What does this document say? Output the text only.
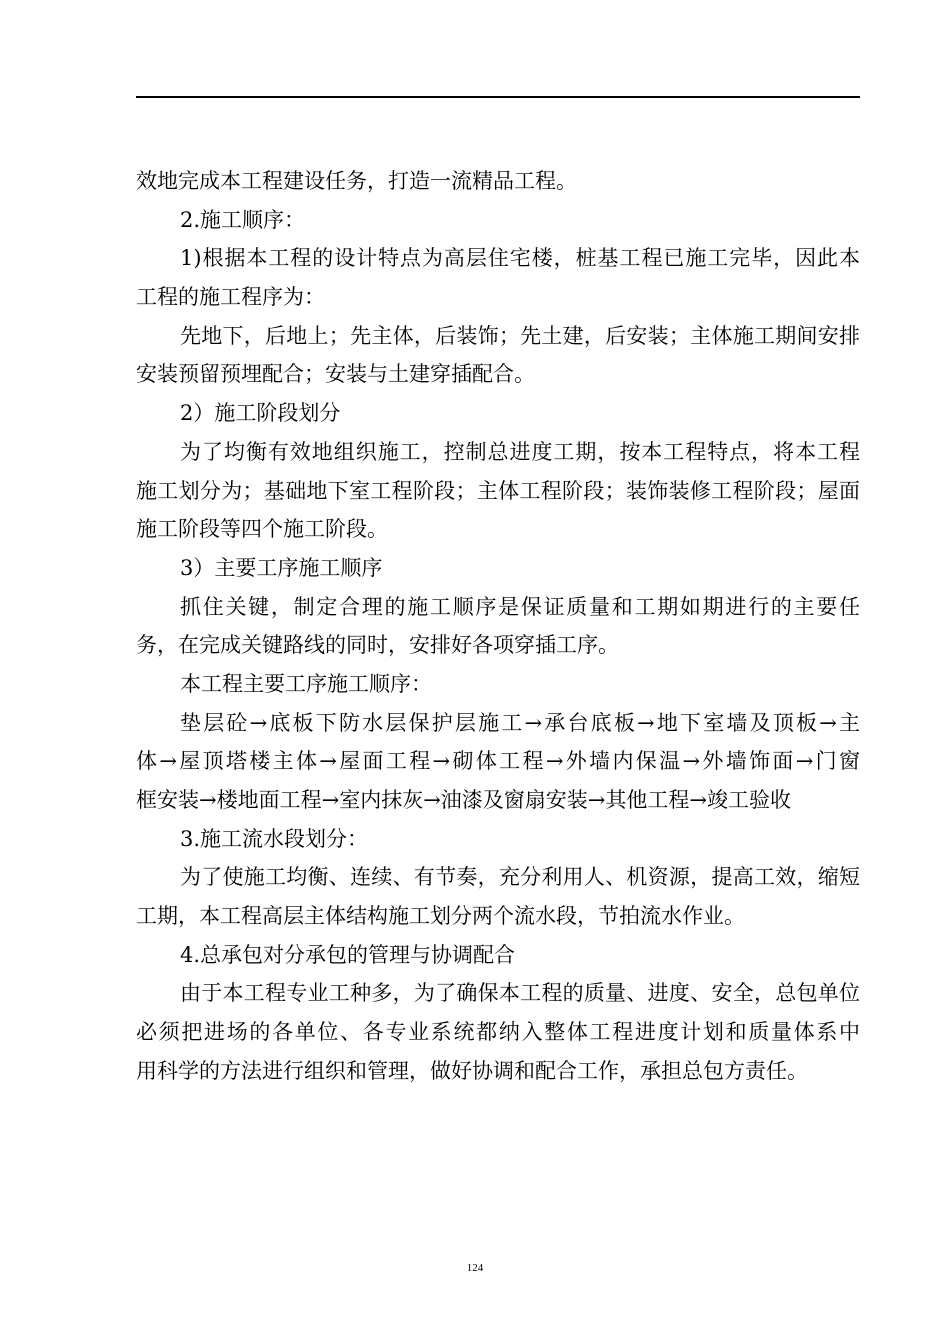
效地完成本工程建设任务，打造一流精品工程。
2.施工顺序：
1)根据本工程的设计特点为高层住宅楼，桩基工程已施工完毕，因此本
工程的施工程序为：
先地下，后地上；先主体，后装饰；先土建，后安装；主体施工期间安排
安装预留预埋配合；安装与土建穿插配合。
2）施工阶段划分
为了均衡有效地组织施工，控制总进度工期，按本工程特点，将本工程
施工划分为；基础地下室工程阶段；主体工程阶段；装饰装修工程阶段；屋面
施工阶段等四个施工阶段。
3）主要工序施工顺序
抓住关键，制定合理的施工顺序是保证质量和工期如期进行的主要任
务，在完成关键路线的同时，安排好各项穿插工序。
本工程主要工序施工顺序：
垫层砼→底板下防水层保护层施工→承台底板→地下室墙及顶板→主
体→屋顶塔楼主体→屋面工程→砌体工程→外墙内保温→外墙饰面→门窗
框安装→楼地面工程→室内抹灰→油漆及窗扇安装→其他工程→竣工验收
3.施工流水段划分：
为了使施工均衡、连续、有节奏，充分利用人、机资源，提高工效，缩短
工期，本工程高层主体结构施工划分两个流水段，节拍流水作业。
4.总承包对分承包的管理与协调配合
由于本工程专业工种多，为了确保本工程的质量、进度、安全，总包单位
必须把进场的各单位、各专业系统都纳入整体工程进度计划和质量体系中
用科学的方法进行组织和管理，做好协调和配合工作，承担总包方责任。
124
